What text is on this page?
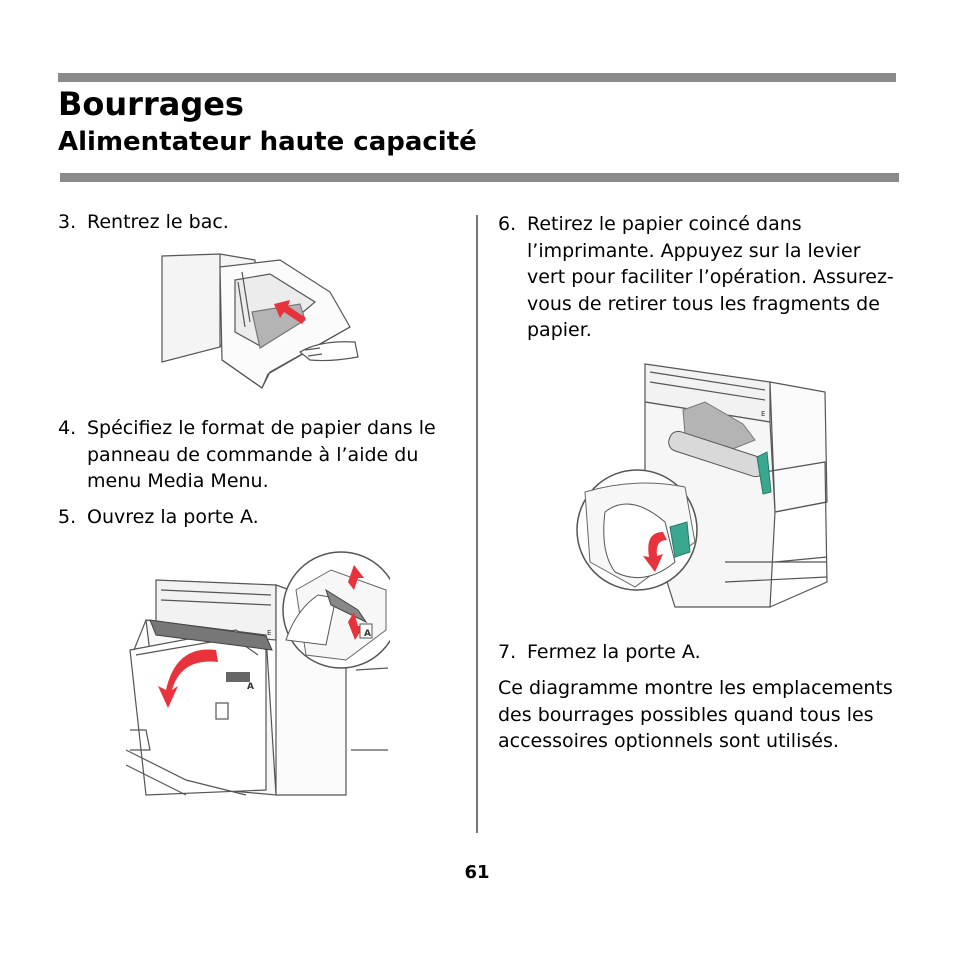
Bourrages
Alimentateur haute capacité
3. Rentrez le bac.
4. Spécifiez le format de papier dans le panneau de commande à l’aide du menu Media Menu.
5. Ouvrez la porte A.
A
A
E
6. Retirez le papier coincé dans l’imprimante. Appuyez sur la levier vert pour faciliter l’opération. Assurez-vous de retirer tous les fragments de papier.
E
7. Fermez la porte A.

Ce diagramme montre les emplacements des bourrages possibles quand tous les accessoires optionnels sont utilisés.

61
